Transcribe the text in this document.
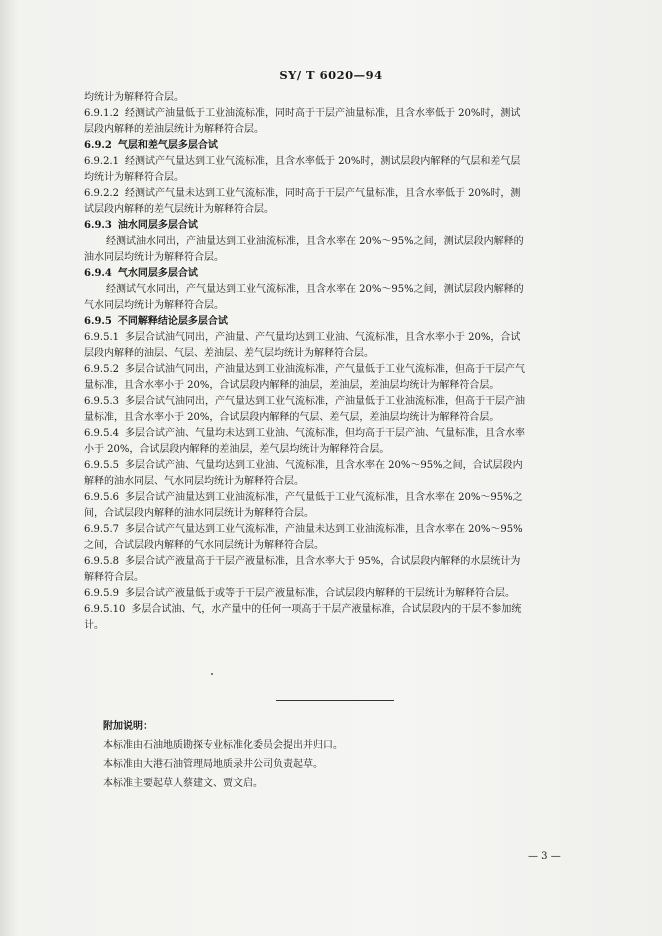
SY/ T 6020—94
均统计为解释符合层。
6.9.1.2 经测试产油量低于工业油流标准，同时高于干层产油量标准，且含水率低于 20%时，测试
层段内解释的差油层统计为解释符合层。
6.9.2 气层和差气层多层合试
6.9.2.1 经测试产气量达到工业气流标准，且含水率低于 20%时，测试层段内解释的气层和差气层
均统计为解释符合层。
6.9.2.2 经测试产气量未达到工业气流标准，同时高于干层产气量标准，且含水率低于 20%时，测
试层段内解释的差气层统计为解释符合层。
6.9.3 油水同层多层合试
经测试油水同出，产油量达到工业油流标准，且含水率在 20%～95%之间，测试层段内解释的
油水同层均统计为解释符合层。
6.9.4 气水同层多层合试
经测试气水同出，产气量达到工业气流标准，且含水率在 20%～95%之间，测试层段内解释的
气水同层均统计为解释符合层。
6.9.5 不同解释结论层多层合试
6.9.5.1 多层合试油气同出，产油量、产气量均达到工业油、气流标准，且含水率小于 20%，合试
层段内解释的油层、气层、差油层、差气层均统计为解释符合层。
6.9.5.2 多层合试油气同出，产油量达到工业油流标准，产气量低于工业气流标准，但高于干层产气
量标准，且含水率小于 20%，合试层段内解释的油层，差油层，差油层均统计为解释符合层。
6.9.5.3 多层合试气油同出，产气量达到工业气流标准，产油量低于工业油流标准，但高于干层产油
量标准，且含水率小于 20%，合试层段内解释的气层、差气层，差油层均统计为解释符合层。
6.9.5.4 多层合试产油、气量均未达到工业油、气流标准，但均高于干层产油、气量标准，且含水率
小于 20%，合试层段内解释的差油层，差气层均统计为解释符合层。
6.9.5.5 多层合试产油、气量均达到工业油、气流标准，且含水率在 20%～95%之间，合试层段内
解释的油水同层、气水同层均统计为解释符合层。
6.9.5.6 多层合试产油量达到工业油流标准，产气量低于工业气流标准，且含水率在 20%～95%之
间，合试层段内解释的油水同层统计为解释符合层。
6.9.5.7 多层合试产气量达到工业气流标准，产油量未达到工业油流标准，且含水率在 20%～95%
之间，合试层段内解释的气水同层统计为解释符合层。
6.9.5.8 多层合试产液量高于干层产液量标准，且含水率大于 95%，合试层段内解释的水层统计为
解释符合层。
6.9.5.9 多层合试产液量低于或等于干层产液量标准，合试层段内解释的干层统计为解释符合层。
6.9.5.10 多层合试油、气，水产量中的任何一项高于干层产液量标准，合试层段内的干层不参加统
计。
附加说明：
本标准由石油地质勘探专业标准化委员会提出并归口。
本标准由大港石油管理局地质录井公司负责起草。
本标准主要起草人蔡建文、贾文启。
— 3 —
